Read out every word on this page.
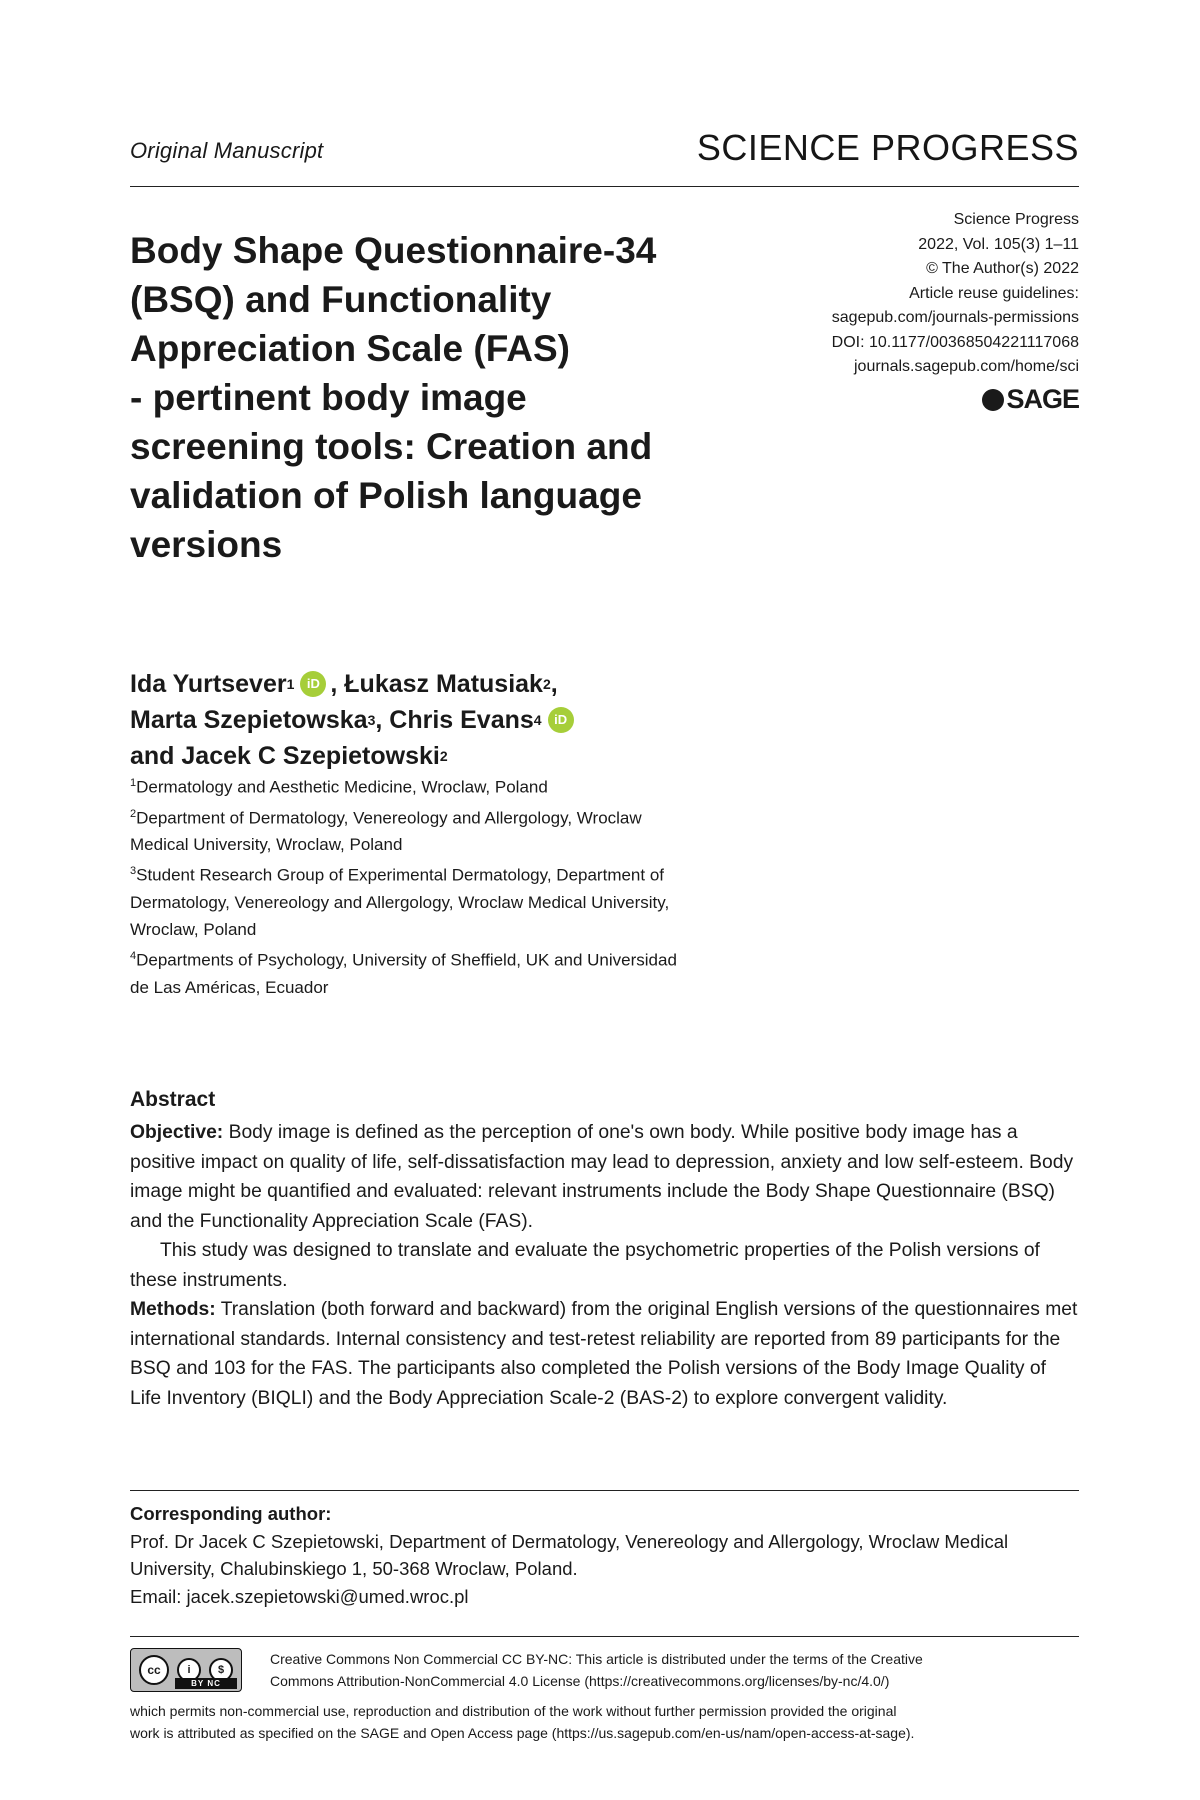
Original Manuscript	SCIENCE PROGRESS
Science Progress
2022, Vol. 105(3) 1–11
© The Author(s) 2022
Article reuse guidelines:
sagepub.com/journals-permissions
DOI: 10.1177/00368504221117068
journals.sagepub.com/home/sci
SAGE
Body Shape Questionnaire-34
(BSQ) and Functionality
Appreciation Scale (FAS)
- pertinent body image
screening tools: Creation and
validation of Polish language
versions
Ida Yurtsever 1 iD , Łukasz Matusiak 2 ,
Marta Szepietowska 3 , Chris Evans 4 iD
and Jacek C Szepietowski 2
$^1$Dermatology and Aesthetic Medicine, Wroclaw, Poland
$^2$Department of Dermatology, Venereology and Allergology, Wroclaw
Medical University, Wroclaw, Poland
$^3$Student Research Group of Experimental Dermatology, Department of
Dermatology, Venereology and Allergology, Wroclaw Medical University,
Wroclaw, Poland
$^4$Departments of Psychology, University of Sheffield, UK and Universidad
de Las Américas, Ecuador
Abstract

Objective: Body image is defined as the perception of one's own body. While positive body image has a positive impact on quality of life, self-dissatisfaction may lead to depression, anxiety and low self-esteem. Body image might be quantified and evaluated: relevant instruments include the Body Shape Questionnaire (BSQ) and the Functionality Appreciation Scale (FAS).

This study was designed to translate and evaluate the psychometric properties of the Polish versions of these instruments.

Methods: Translation (both forward and backward) from the original English versions of the questionnaires met international standards. Internal consistency and test-retest reliability are reported from 89 participants for the BSQ and 103 for the FAS. The participants also completed the Polish versions of the Body Image Quality of Life Inventory (BIQLI) and the Body Appreciation Scale-2 (BAS-2) to explore convergent validity.

Corresponding author:
Prof. Dr Jacek C Szepietowski, Department of Dermatology, Venereology and Allergology, Wroclaw Medical
University, Chalubinskiego 1, 50-368 Wroclaw, Poland.
Email: jacek.szepietowski@umed.wroc.pl
cc	i	$
BY NC
Creative Commons Non Commercial CC BY-NC: This article is distributed under the terms of the Creative
Commons Attribution-NonCommercial 4.0 License (https://creativecommons.org/licenses/by-nc/4.0/)
which permits non-commercial use, reproduction and distribution of the work without further permission provided the original
work is attributed as specified on the SAGE and Open Access page (https://us.sagepub.com/en-us/nam/open-access-at-sage).
